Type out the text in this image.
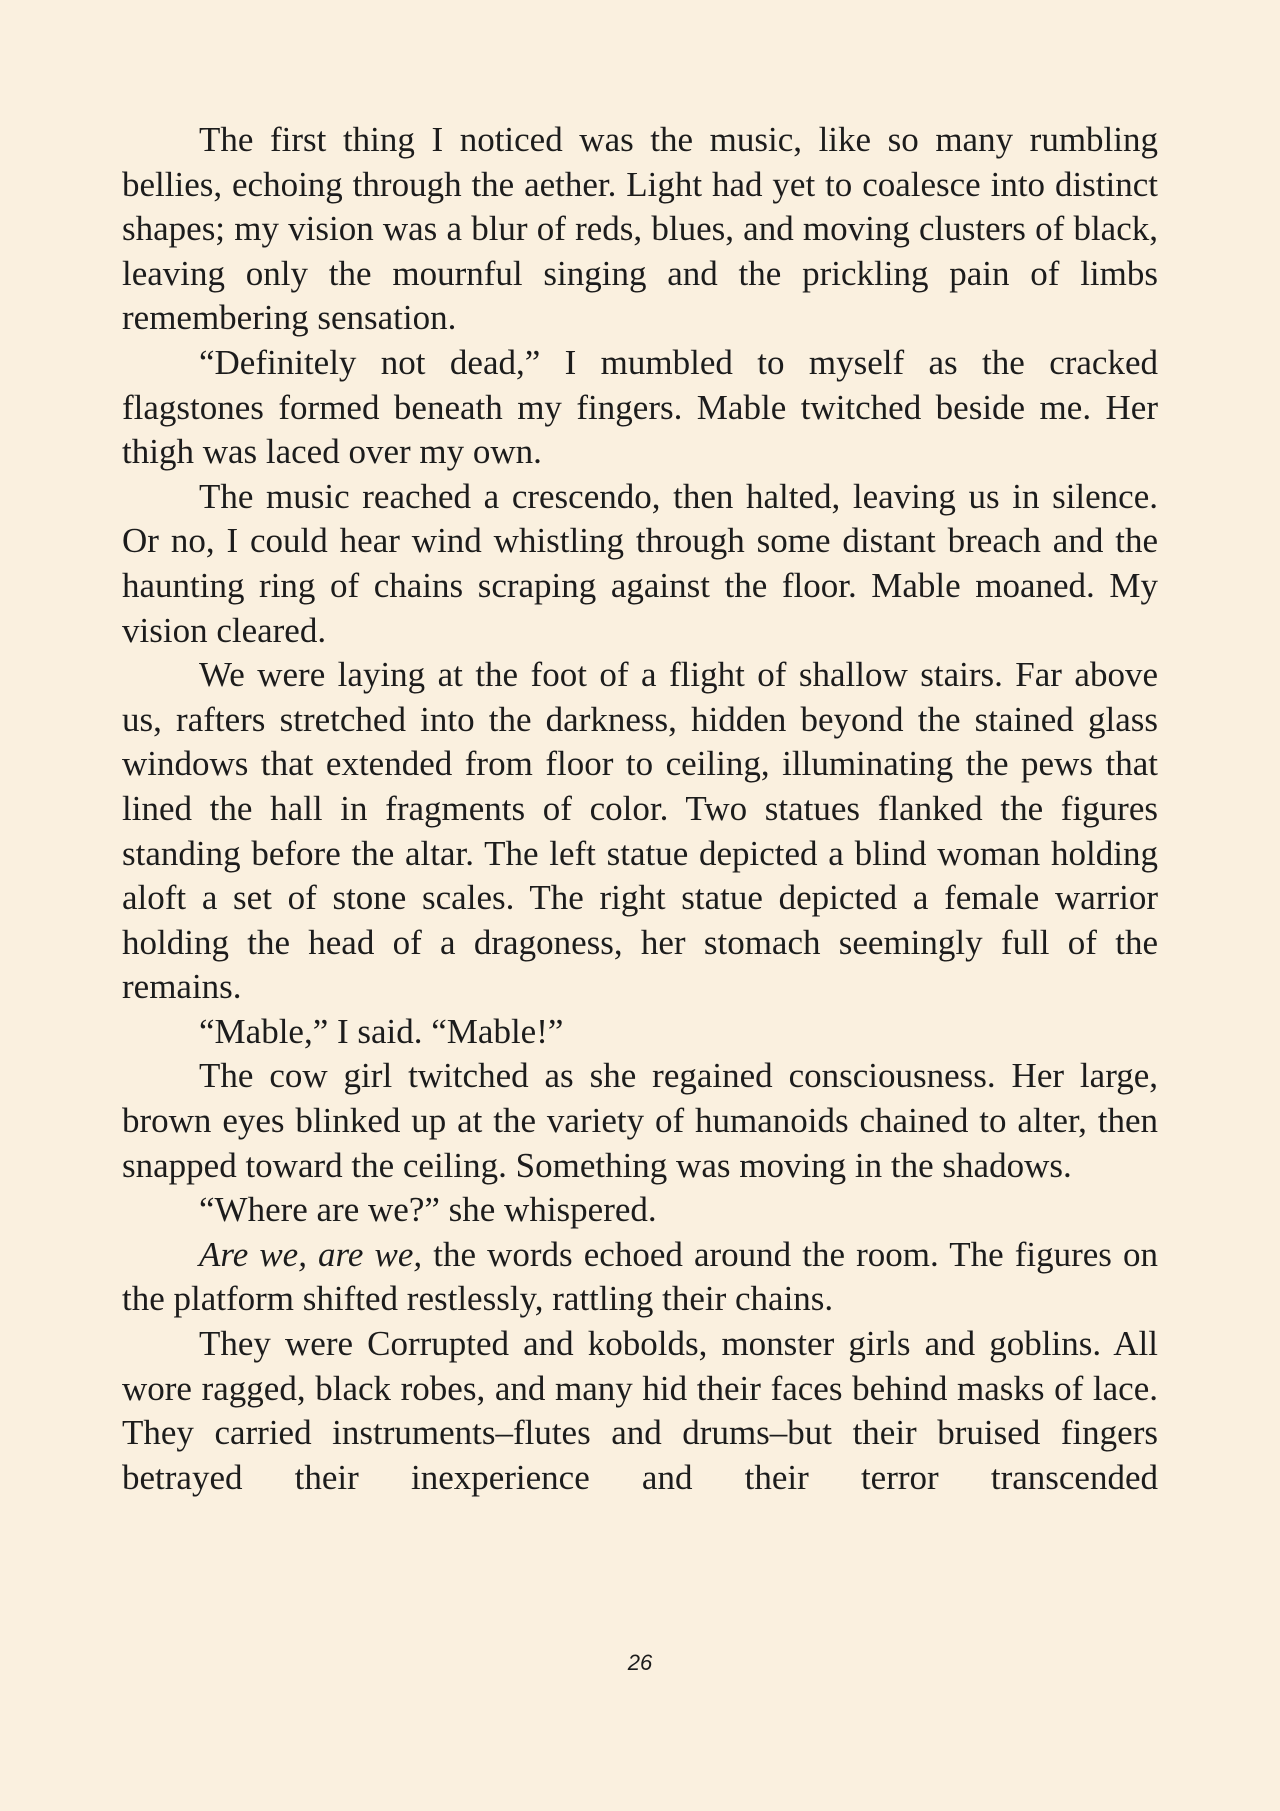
The first thing I noticed was the music, like so many rumbling bellies, echoing through the aether. Light had yet to coalesce into distinct shapes; my vision was a blur of reds, blues, and moving clusters of black, leaving only the mournful singing and the prickling pain of limbs remembering sensation.

“Definitely not dead,” I mumbled to myself as the cracked flagstones formed beneath my fingers. Mable twitched beside me. Her thigh was laced over my own.

The music reached a crescendo, then halted, leaving us in silence. Or no, I could hear wind whistling through some distant breach and the haunting ring of chains scraping against the floor. Mable moaned. My vision cleared.

We were laying at the foot of a flight of shallow stairs. Far above us, rafters stretched into the darkness, hidden beyond the stained glass windows that extended from floor to ceiling, illuminating the pews that lined the hall in fragments of color. Two statues flanked the figures standing before the altar. The left statue depicted a blind woman holding aloft a set of stone scales. The right statue depicted a female warrior holding the head of a dragoness, her stomach seemingly full of the remains.

“Mable,” I said. “Mable!”

The cow girl twitched as she regained consciousness. Her large, brown eyes blinked up at the variety of humanoids chained to alter, then snapped toward the ceiling. Something was moving in the shadows.

“Where are we?” she whispered.

Are we, are we, the words echoed around the room. The figures on the platform shifted restlessly, rattling their chains.

They were Corrupted and kobolds, monster girls and goblins. All wore ragged, black robes, and many hid their faces behind masks of lace. They carried instruments–flutes and drums–but their bruised fingers betrayed their inexperience and their terror transcended

26
